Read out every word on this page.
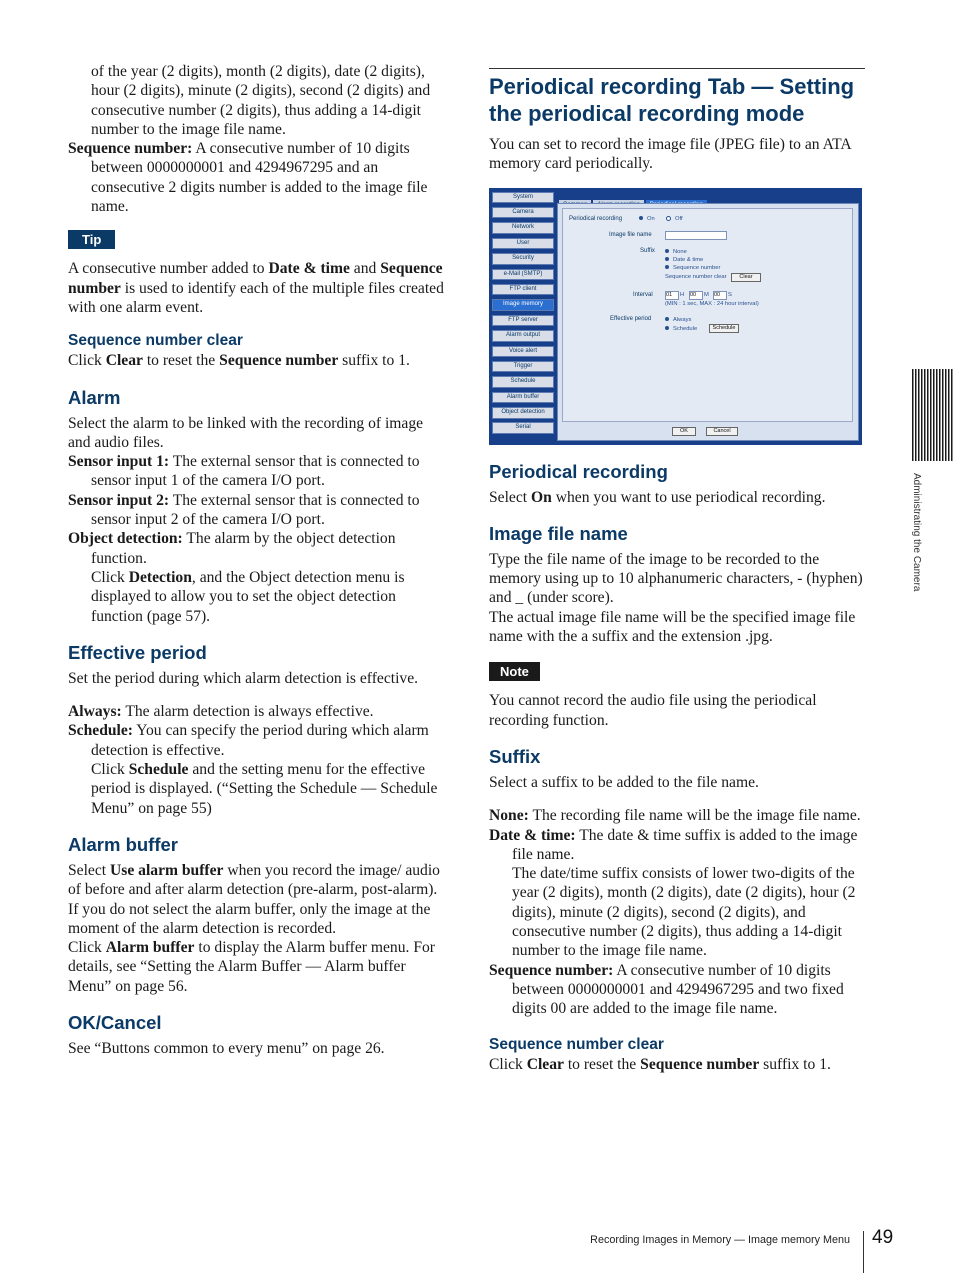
of the year (2 digits), month (2 digits), date (2 digits), hour (2 digits), minute (2 digits), second (2 digits) and consecutive number (2 digits), thus adding a 14-digit number to the image file name.

Sequence number: A consecutive number of 10 digits between 0000000001 and 4294967295 and an consecutive 2 digits number is added to the image file name.

Tip

A consecutive number added to Date & time and Sequence number is used to identify each of the multiple files created with one alarm event.

Sequence number clear

Click Clear to reset the Sequence number suffix to 1.

Alarm

Select the alarm to be linked with the recording of image and audio files.

Sensor input 1: The external sensor that is connected to sensor input 1 of the camera I/O port.

Sensor input 2: The external sensor that is connected to sensor input 2 of the camera I/O port.

Object detection: The alarm by the object detection function.

Click Detection, and the Object detection menu is displayed to allow you to set the object detection function (page 57).

Effective period

Set the period during which alarm detection is effective.

Always: The alarm detection is always effective.

Schedule: You can specify the period during which alarm detection is effective.

Click Schedule and the setting menu for the effective period is displayed. (“Setting the Schedule — Schedule Menu” on page 55)

Alarm buffer

Select Use alarm buffer when you record the image/ audio of before and after alarm detection (pre-alarm, post-alarm).

If you do not select the alarm buffer, only the image at the moment of the alarm detection is recorded.

Click Alarm buffer to display the Alarm buffer menu. For details, see “Setting the Alarm Buffer — Alarm buffer Menu” on page 56.

OK/Cancel

See “Buttons common to every menu” on page 26.

Periodical recording Tab — Setting the periodical recording mode

You can set to record the image file (JPEG file) to an ATA memory card periodically.

System
Camera
Network
User
Security
e-Mail (SMTP)
FTP client
Image memory
FTP server
Alarm output
Voice alert
Trigger
Schedule
Alarm buffer
Object detection
Serial
Periodical recording	On	Off
Image file name
Suffix	None
Date & time
Sequence number
Sequence number clear	Clear
Interval 01	H 00	M 00	S
(MIN : 1 sec, MAX : 24 hour interval)
Effective period	Always
Schedule	Schedule
OK	Cancel
Periodical recording

Select On when you want to use periodical recording.

Image file name

Type the file name of the image to be recorded to the memory using up to 10 alphanumeric characters, - (hyphen) and _ (under score).

The actual image file name will be the specified image file name with the a suffix and the extension .jpg.

Note

You cannot record the audio file using the periodical recording function.

Suffix

Select a suffix to be added to the file name.

None: The recording file name will be the image file name.

Date & time: The date & time suffix is added to the image file name.

The date/time suffix consists of lower two-digits of the year (2 digits), month (2 digits), date (2 digits), hour (2 digits), minute (2 digits), second (2 digits), and consecutive number (2 digits), thus adding a 14-digit number to the image file name.

Sequence number: A consecutive number of 10 digits between 0000000001 and 4294967295 and two fixed digits 00 are added to the image file name.

Sequence number clear

Click Clear to reset the Sequence number suffix to 1.

Administrating the Camera
Recording Images in Memory — Image memory Menu 49
